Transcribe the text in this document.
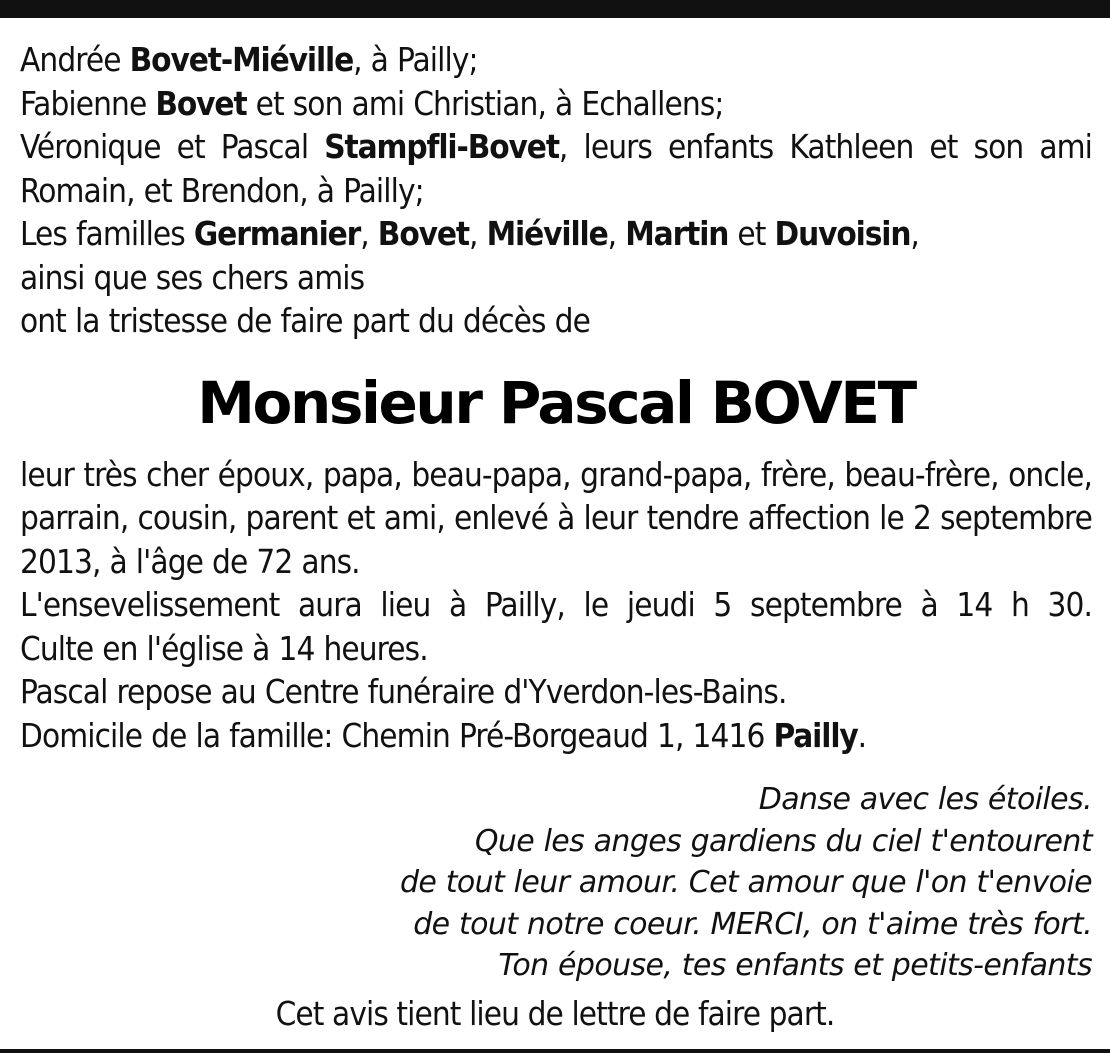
Andrée Bovet-Miéville, à Pailly;

Fabienne Bovet et son ami Christian, à Echallens;

Véronique et Pascal Stampfli-Bovet, leurs enfants Kathleen et son ami Romain, et Brendon, à Pailly;

Les familles Germanier, Bovet, Miéville, Martin et Duvoisin,

ainsi que ses chers amis

ont la tristesse de faire part du décès de

Monsieur Pascal BOVET

leur très cher époux, papa, beau-papa, grand-papa, frère, beau-frère, oncle, parrain, cousin, parent et ami, enlevé à leur tendre affection le 2 septembre 2013, à l'âge de 72 ans.

L'ensevelissement aura lieu à Pailly, le jeudi 5 septembre à 14 h 30.

Culte en l'église à 14 heures.

Pascal repose au Centre funéraire d'Yverdon-les-Bains.

Domicile de la famille: Chemin Pré-Borgeaud 1, 1416 Pailly.

Danse avec les étoiles.

Que les anges gardiens du ciel t'entourent

de tout leur amour. Cet amour que l'on t'envoie

de tout notre coeur. MERCI, on t'aime très fort.

Ton épouse, tes enfants et petits-enfants

Cet avis tient lieu de lettre de faire part.
